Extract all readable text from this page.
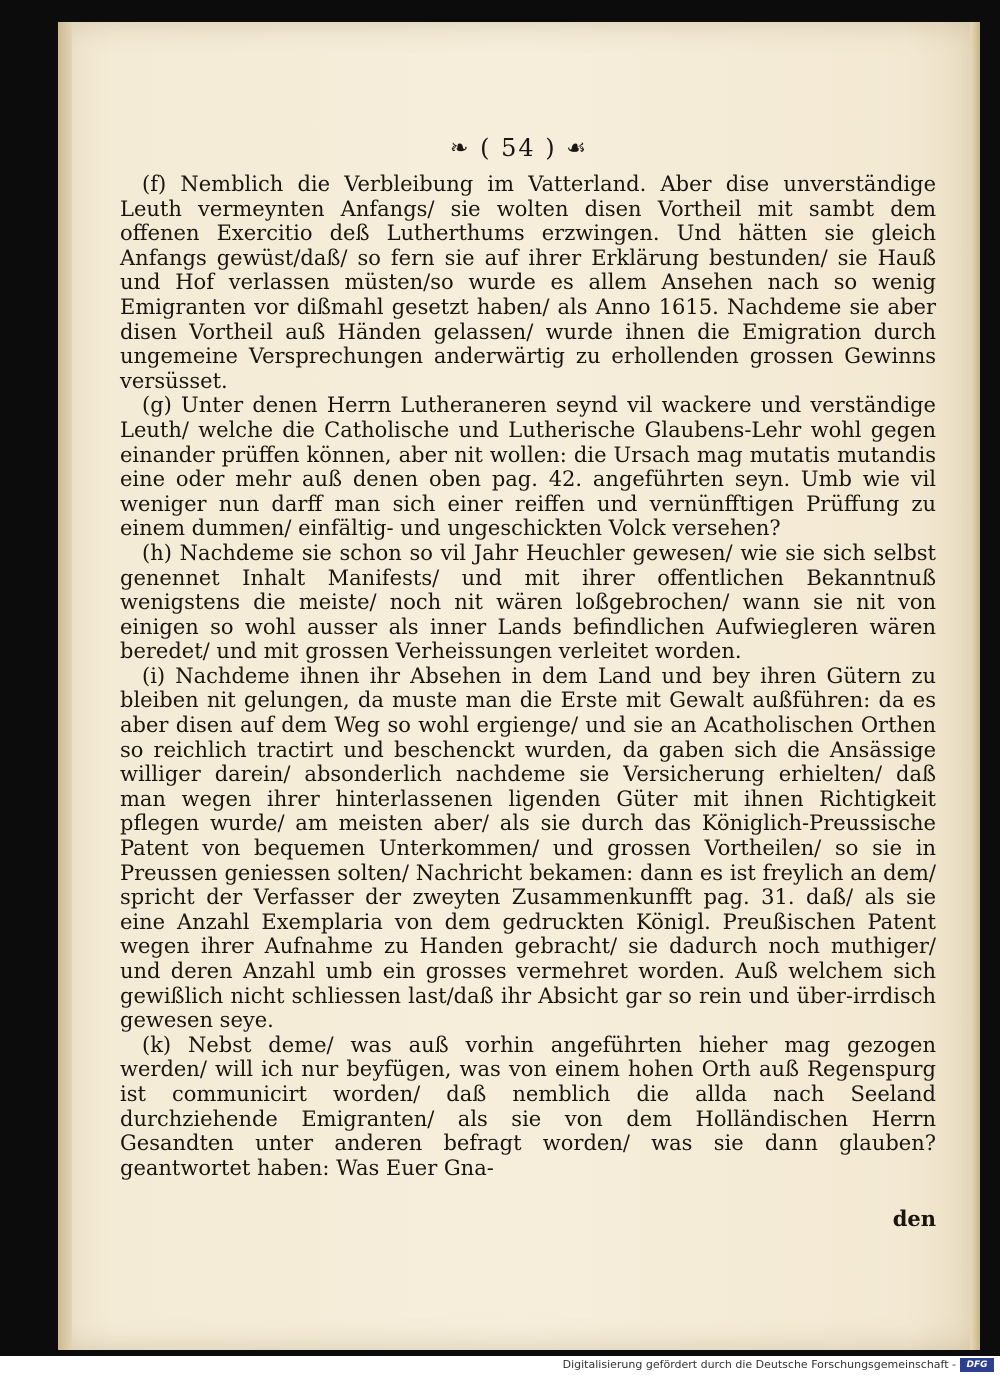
❧ ( 54 ) ☙

(f) Nemblich die Verbleibung im Vatterland. Aber dise unverständige Leuth vermeynten Anfangs/ sie wolten disen Vortheil mit sambt dem offenen Exercitio deß Lutherthums erzwingen. Und hätten sie gleich Anfangs gewüst/daß/ so fern sie auf ihrer Erklärung bestunden/ sie Hauß und Hof verlassen müsten/so wurde es allem Ansehen nach so wenig Emigranten vor dißmahl gesetzt haben/ als Anno 1615. Nachdeme sie aber disen Vortheil auß Händen gelassen/ wurde ihnen die Emigration durch ungemeine Versprechungen anderwärtig zu erhollenden grossen Gewinns versüsset.

(g) Unter denen Herrn Lutheraneren seynd vil wackere und verständige Leuth/ welche die Catholische und Lutherische Glaubens-Lehr wohl gegen einander prüffen können, aber nit wollen: die Ursach mag mutatis mutandis eine oder mehr auß denen oben pag. 42. angeführten seyn. Umb wie vil weniger nun darff man sich einer reiffen und vernünfftigen Prüffung zu einem dummen/ einfältig- und ungeschickten Volck versehen?

(h) Nachdeme sie schon so vil Jahr Heuchler gewesen/ wie sie sich selbst genennet Inhalt Manifests/ und mit ihrer offentlichen Bekanntnuß wenigstens die meiste/ noch nit wären loßgebrochen/ wann sie nit von einigen so wohl ausser als inner Lands befindlichen Aufwiegleren wären beredet/ und mit grossen Verheissungen verleitet worden.

(i) Nachdeme ihnen ihr Absehen in dem Land und bey ihren Gütern zu bleiben nit gelungen, da muste man die Erste mit Gewalt außführen: da es aber disen auf dem Weg so wohl ergienge/ und sie an Acatholischen Orthen so reichlich tractirt und beschenckt wurden, da gaben sich die Ansässige williger darein/ absonderlich nachdeme sie Versicherung erhielten/ daß man wegen ihrer hinterlassenen ligenden Güter mit ihnen Richtigkeit pflegen wurde/ am meisten aber/ als sie durch das Königlich-Preussische Patent von bequemen Unterkommen/ und grossen Vortheilen/ so sie in Preussen geniessen solten/ Nachricht bekamen: dann es ist freylich an dem/ spricht der Verfasser der zweyten Zusammenkunfft pag. 31. daß/ als sie eine Anzahl Exemplaria von dem gedruckten Königl. Preußischen Patent wegen ihrer Aufnahme zu Handen gebracht/ sie dadurch noch muthiger/ und deren Anzahl umb ein grosses vermehret worden. Auß welchem sich gewißlich nicht schliessen last/daß ihr Absicht gar so rein und über-irrdisch gewesen seye.

(k) Nebst deme/ was auß vorhin angeführten hieher mag gezogen werden/ will ich nur beyfügen, was von einem hohen Orth auß Regenspurg ist communicirt worden/ daß nemblich die allda nach Seeland durchziehende Emigranten/ als sie von dem Holländischen Herrn Gesandten unter anderen befragt worden/ was sie dann glauben? geantwortet haben: Was Euer Gna-

den
Digitalisierung gefördert durch die Deutsche Forschungsgemeinschaft -	DFG
